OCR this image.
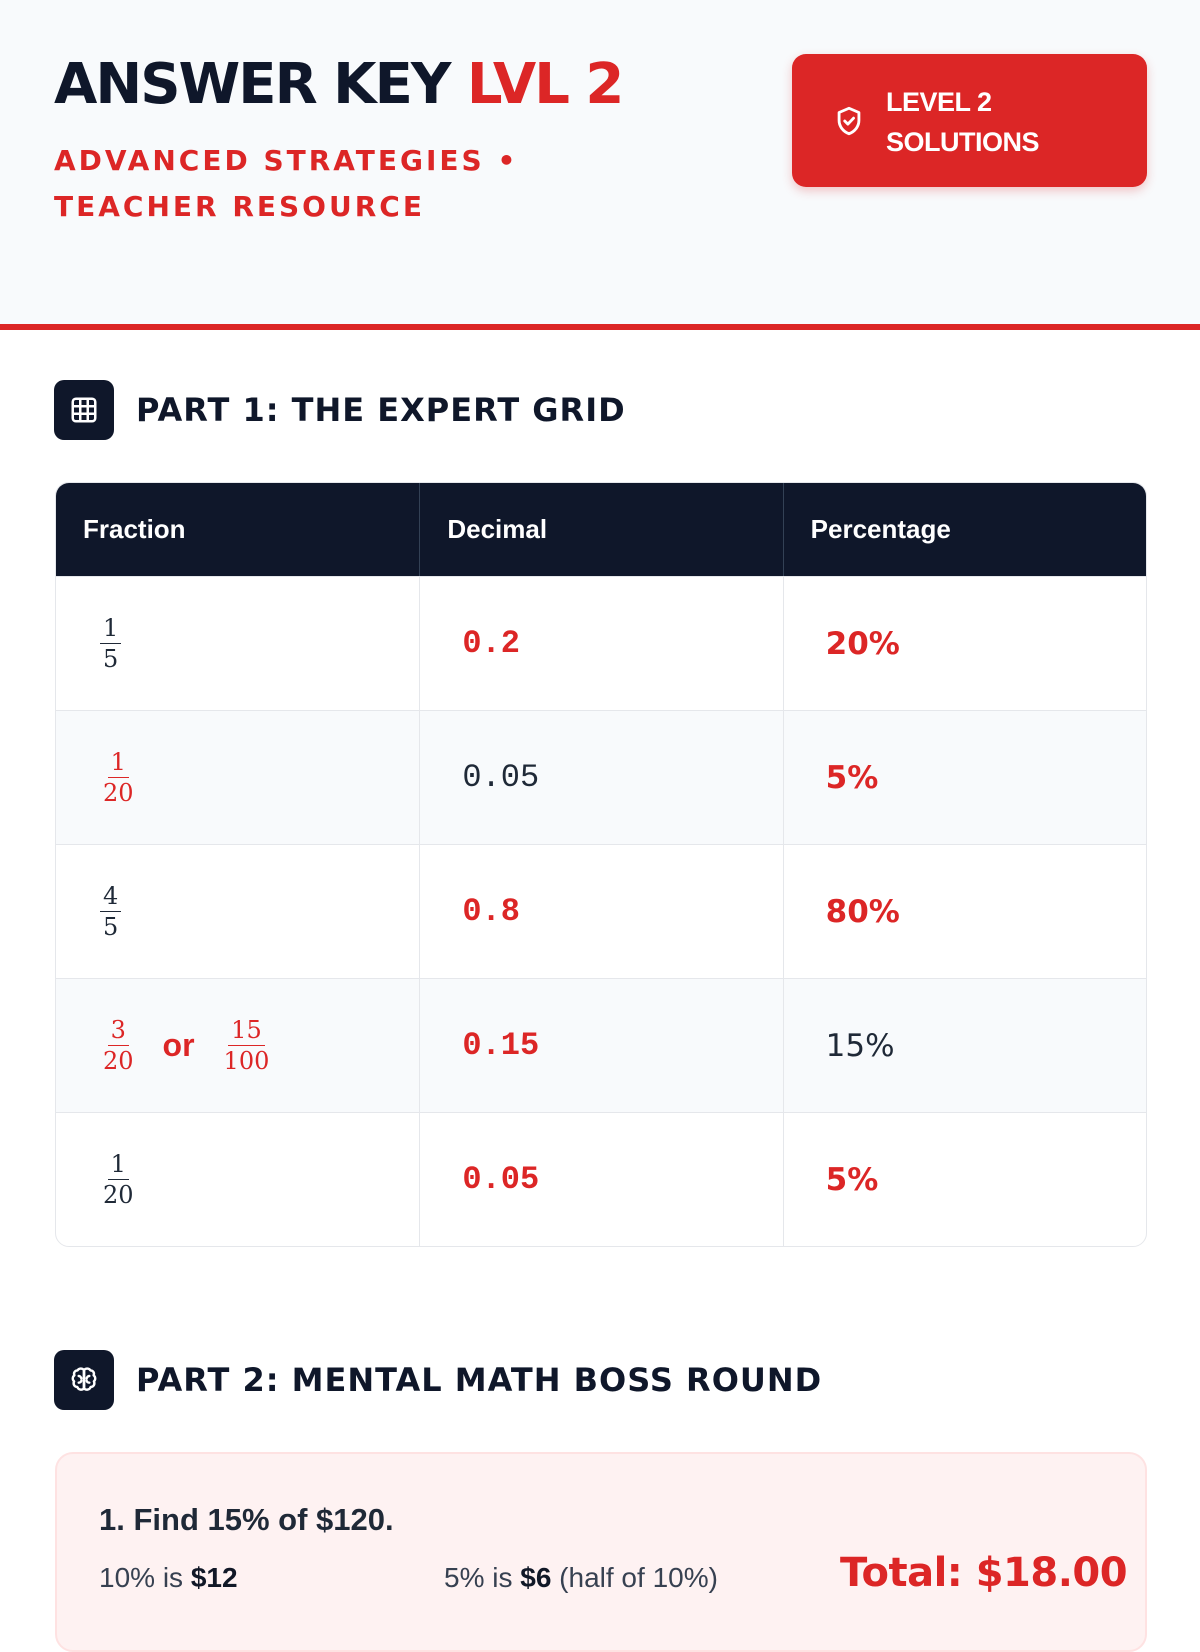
ANSWER KEY LVL 2
ADVANCED STRATEGIES • TEACHER RESOURCE
LEVEL 2
SOLUTIONS
PART 1: THE EXPERT GRID
Fraction	Decimal	Percentage
$\frac{1}{5}$	0.2	20%
$\frac{1}{20}$	0.05	5%
$\frac{4}{5}$	0.8	80%
$\frac{3}{20}$ or $\frac{15}{100}$	0.15	15%
$\frac{1}{20}$	0.05	5%
PART 2: MENTAL MATH BOSS ROUND
1. Find 15% of $120.
10% is $12	5% is $6 (half of 10%)	Total: $18.00
